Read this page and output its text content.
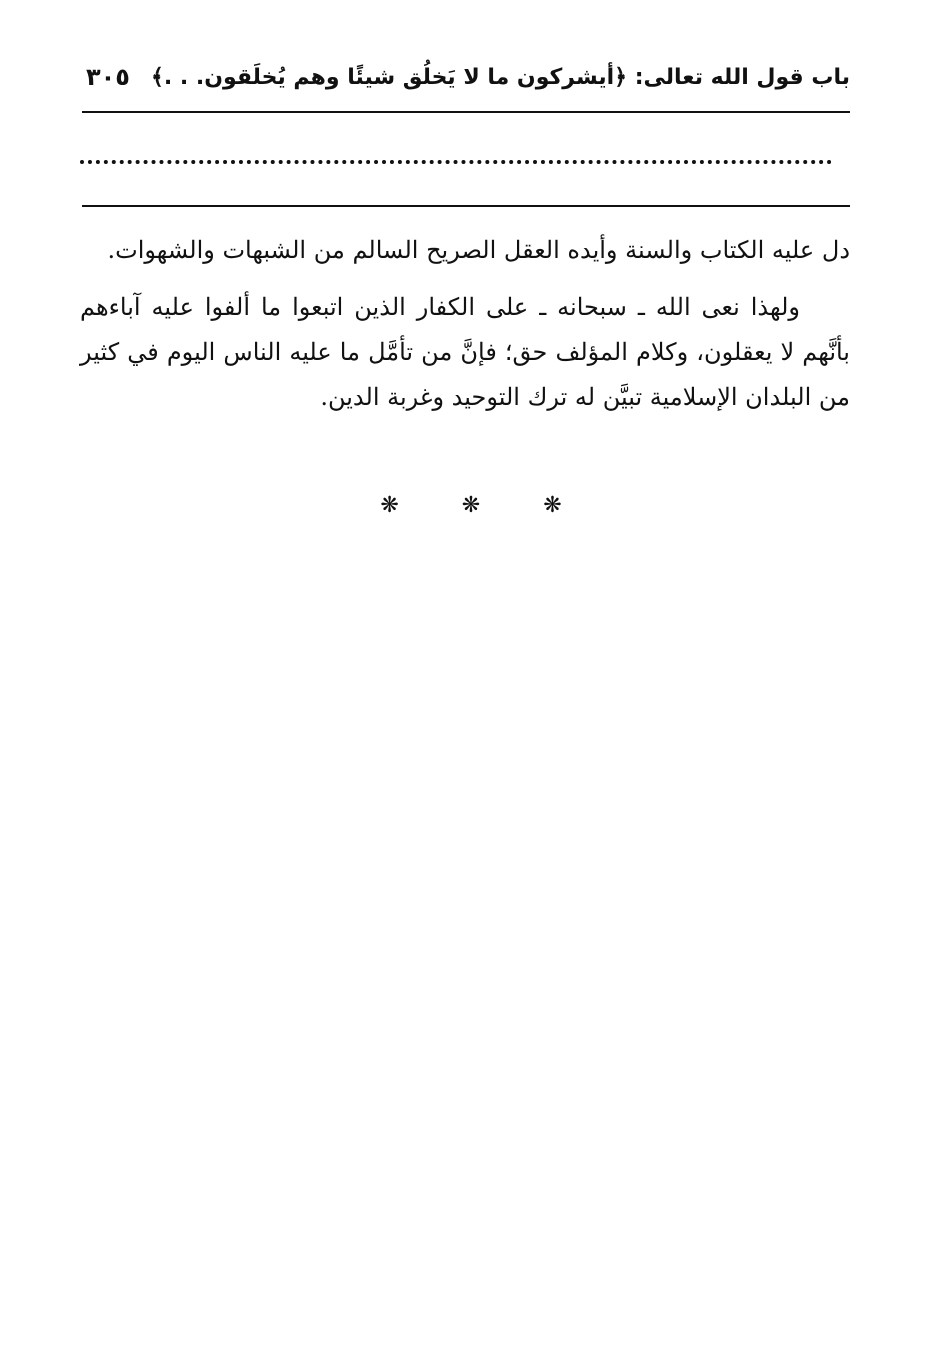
باب قول الله تعالى: ﴿أيشركون ما لا يَخلُق شيئًا وهم يُخلَقون. . .﴾
٣٠٥

دل عليه الكتاب والسنة وأيده العقل الصريح السالم من الشبهات والشهوات.

ولهذا نعى الله ـ سبحانه ـ على الكفار الذين اتبعوا ما ألفوا عليه آباءهم بأنَّهم لا يعقلون، وكلام المؤلف حق؛ فإنَّ من تأمَّل ما عليه الناس اليوم في كثير من البلدان الإسلامية تبيَّن له ترك التوحيد وغربة الدين.

❋	❋	❋
